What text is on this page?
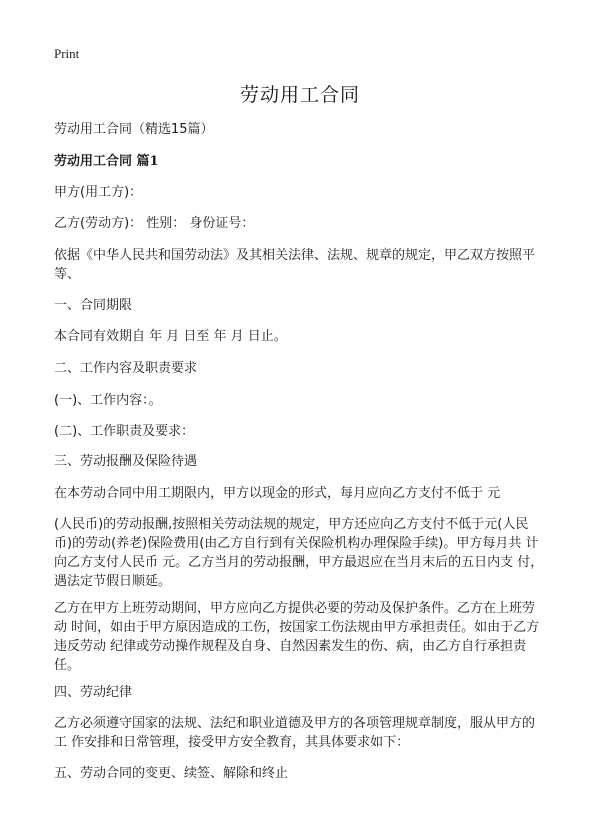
Print
劳动用工合同

劳动用工合同（精选15篇）

劳动用工合同 篇1

甲方(用工方)：

乙方(劳动方)： 性别： 身份证号：

依据《中华人民共和国劳动法》及其相关法律、法规、规章的规定，甲乙双方按照平等、

一、合同期限

本合同有效期自 年 月 日至 年 月 日止。

二、工作内容及职责要求

(一)、工作内容：。

(二)、工作职责及要求：

三、劳动报酬及保险待遇

在本劳动合同中用工期限内，甲方以现金的形式，每月应向乙方支付不低于 元

(人民币)的劳动报酬,按照相关劳动法规的规定，甲方还应向乙方支付不低于元(人民币)的劳动(养老)保险费用(由乙方自行到有关保险机构办理保险手续)。甲方每月共 计向乙方支付人民币 元。乙方当月的劳动报酬，甲方最迟应在当月末后的五日内支 付，遇法定节假日顺延。

乙方在甲方上班劳动期间，甲方应向乙方提供必要的劳动及保护条件。乙方在上班劳动 时间，如由于甲方原因造成的工伤，按国家工伤法规由甲方承担责任。如由于乙方违反劳动 纪律或劳动操作规程及自身、自然因素发生的伤、病，由乙方自行承担责任。

四、劳动纪律

乙方必须遵守国家的法规、法纪和职业道德及甲方的各项管理规章制度，服从甲方的工 作安排和日常管理，接受甲方安全教育，其具体要求如下：

五、劳动合同的变更、续签、解除和终止
